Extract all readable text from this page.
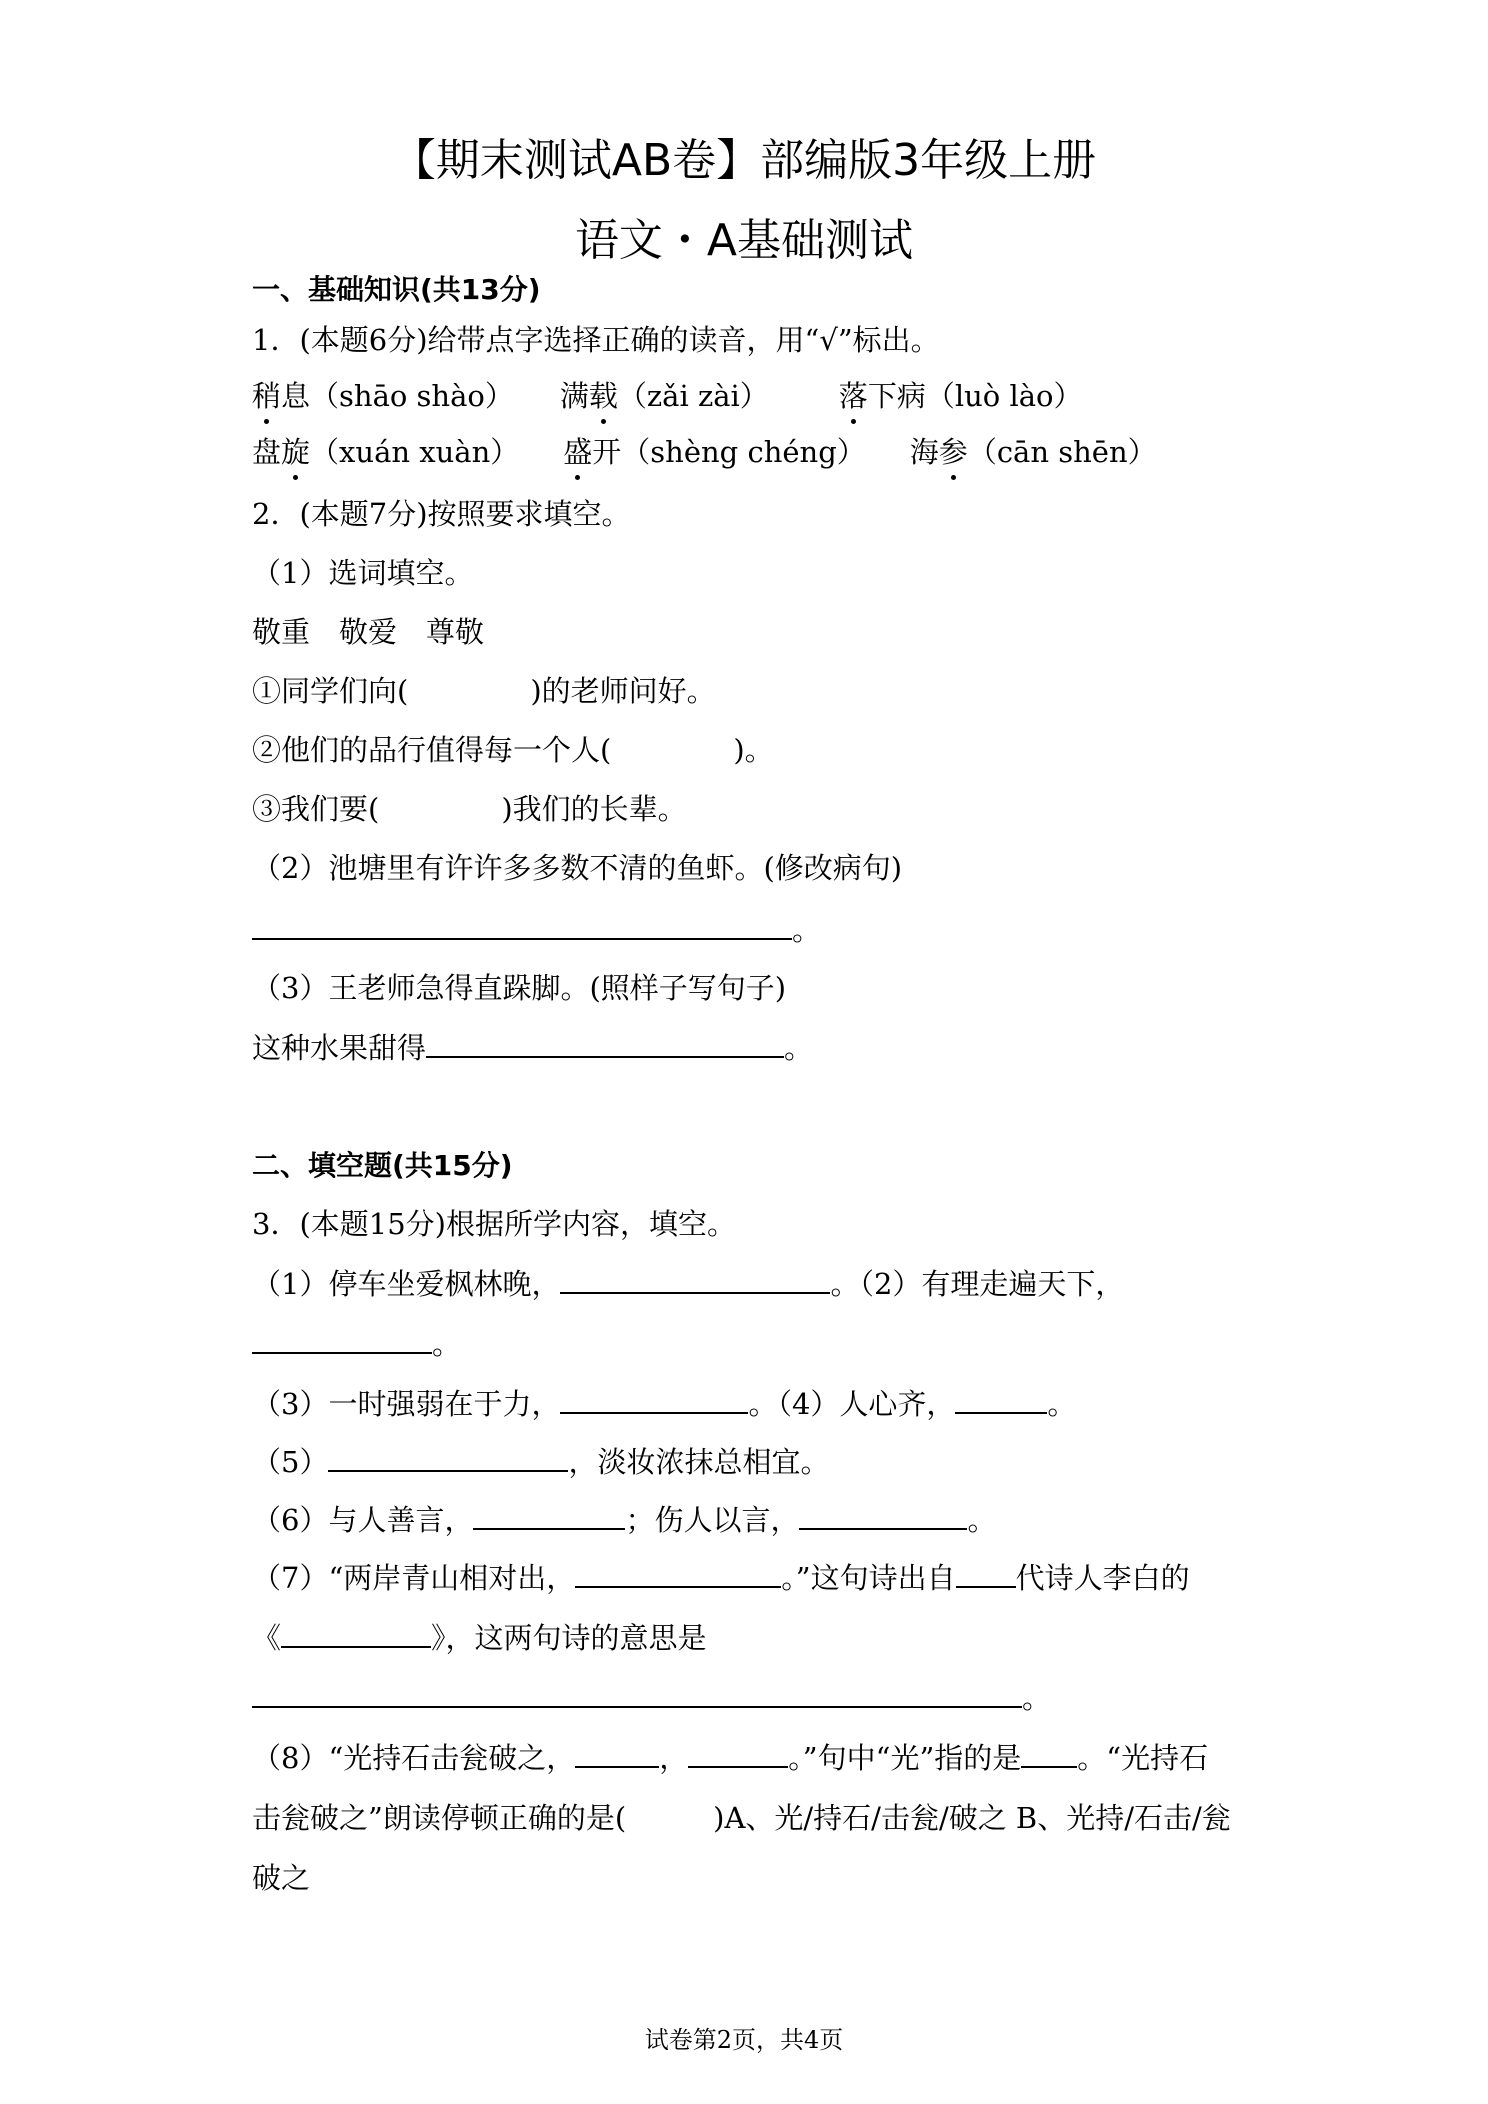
【期末测试AB卷】部编版3年级上册
语文・A基础测试
一、基础知识(共13分)
1．(本题6分)给带点字选择正确的读音，用“√”标出。
稍息（shāo shào） 满载（zǎi zài） 落下病（luò lào）
盘旋（xuán xuàn） 盛开（shèng chéng） 海参（cān shēn）
2．(本题7分)按照要求填空。
（1）选词填空。
敬重　敬爱　尊敬
①同学们向(	)的老师问好。
②他们的品行值得每一个人(	)。
③我们要(	)我们的长辈。
（2）池塘里有许许多多数不清的鱼虾。(修改病句)
。
（3）王老师急得直跺脚。(照样子写句子)
这种水果甜得	。
二、填空题(共15分)
3．(本题15分)根据所学内容，填空。
（1）停车坐爱枫林晚，	。（2）有理走遍天下，
。
（3）一时强弱在于力，	。（4）人心齐，	。
（5）	，淡妆浓抹总相宜。
（6）与人善言，	；伤人以言，	。
（7）“两岸青山相对出，	。”这句诗出自 代诗人李白的
《	》，这两句诗的意思是
。
（8）“光持石击瓮破之，	，	。”句中“光”指的是 。“光持石
击瓮破之”朗读停顿正确的是(　　　)A、光/持石/击瓮/破之 B、光持/石击/瓮
破之
试卷第2页，共4页
